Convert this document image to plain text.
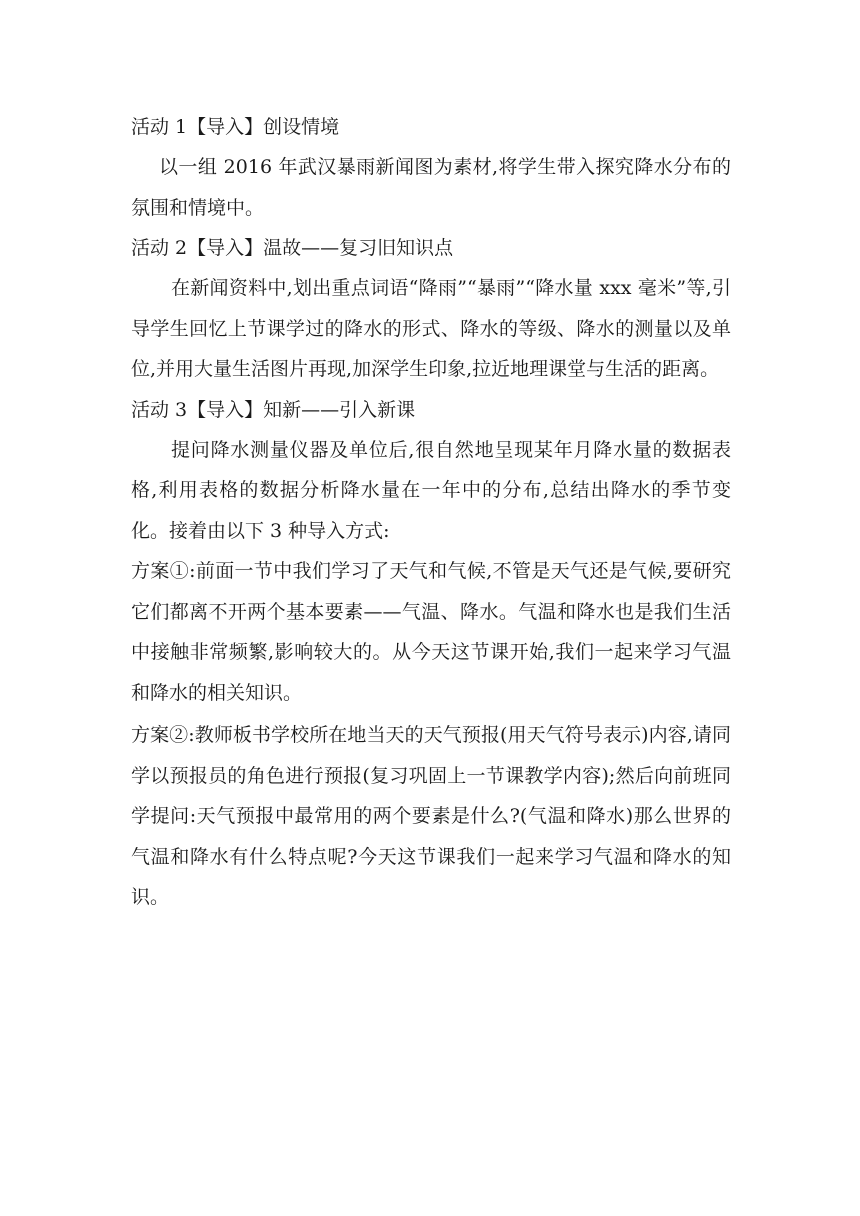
活动 1【导入】创设情境

以一组 2016 年武汉暴雨新闻图为素材,将学生带入探究降水分布的氛围和情境中。

活动 2【导入】温故——复习旧知识点

在新闻资料中,划出重点词语“降雨”“暴雨”“降水量 xxx 毫米”等,引导学生回忆上节课学过的降水的形式、降水的等级、降水的测量以及单位,并用大量生活图片再现,加深学生印象,拉近地理课堂与生活的距离。

活动 3【导入】知新——引入新课

提问降水测量仪器及单位后,很自然地呈现某年月降水量的数据表格,利用表格的数据分析降水量在一年中的分布,总结出降水的季节变化。接着由以下 3 种导入方式:

方案①:前面一节中我们学习了天气和气候,不管是天气还是气候,要研究它们都离不开两个基本要素——气温、降水。气温和降水也是我们生活中接触非常频繁,影响较大的。从今天这节课开始,我们一起来学习气温和降水的相关知识。

方案②:教师板书学校所在地当天的天气预报(用天气符号表示)内容,请同学以预报员的角色进行预报(复习巩固上一节课教学内容);然后向前班同学提问:天气预报中最常用的两个要素是什么?(气温和降水)那么世界的气温和降水有什么特点呢?今天这节课我们一起来学习气温和降水的知识。
